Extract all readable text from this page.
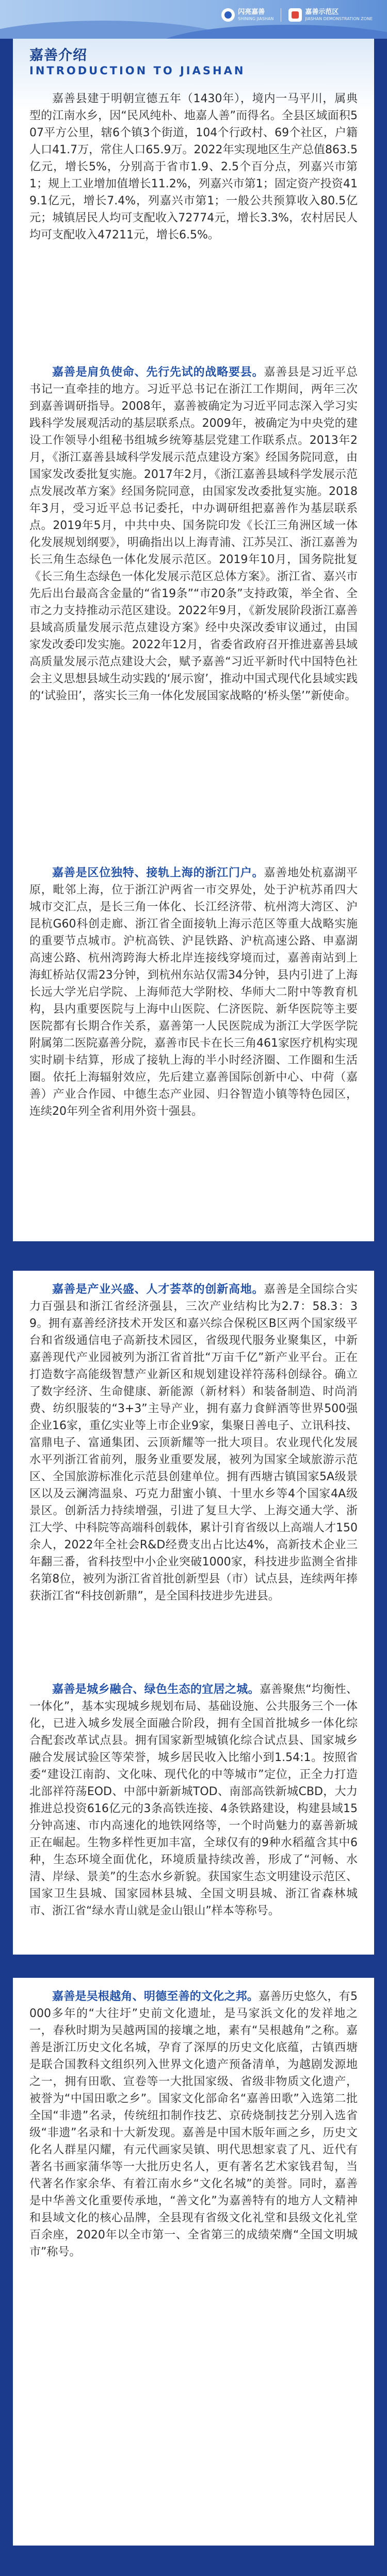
闪亮嘉善
SHINING JIASHAN
嘉善示范区
JIASHAN DEMONSTRATION ZONE
嘉善介绍
INTRODUCTION TO JIASHAN

嘉善县建于明朝宣德五年（1430年），境内一马平川，属典型的江南水乡，因“民风纯朴、地嘉人善”而得名。全县区域面积507平方公里，辖6个镇3个街道，104个行政村、69个社区，户籍人口41.7万，常住人口65.9万。2022年实现地区生产总值863.5亿元，增长5%，分别高于省市1.9、2.5个百分点，列嘉兴市第1；规上工业增加值增长11.2%，列嘉兴市第1；固定资产投资419.1亿元，增长7.4%，列嘉兴市第1；一般公共预算收入80.5亿元；城镇居民人均可支配收入72774元，增长3.3%，农村居民人均可支配收入47211元，增长6.5%。

嘉善是肩负使命、先行先试的战略要县。嘉善县是习近平总书记一直牵挂的地方。习近平总书记在浙江工作期间，两年三次到嘉善调研指导。2008年，嘉善被确定为习近平同志深入学习实践科学发展观活动的基层联系点。2009年，被确定为中央党的建设工作领导小组秘书组城乡统筹基层党建工作联系点。2013年2月，《浙江嘉善县域科学发展示范点建设方案》经国务院同意，由国家发改委批复实施。2017年2月，《浙江嘉善县域科学发展示范点发展改革方案》经国务院同意，由国家发改委批复实施。2018年3月，受习近平总书记委托，中办调研组把嘉善作为基层联系点。2019年5月，中共中央、国务院印发《长江三角洲区域一体化发展规划纲要》，明确指出以上海青浦、江苏吴江、浙江嘉善为长三角生态绿色一体化发展示范区。2019年10月，国务院批复《长三角生态绿色一体化发展示范区总体方案》。浙江省、嘉兴市先后出台最高含金量的“省19条”“市20条”支持政策，举全省、全市之力支持推动示范区建设。2022年9月，《新发展阶段浙江嘉善县域高质量发展示范点建设方案》经中央深改委审议通过，由国家发改委印发实施。2022年12月，省委省政府召开推进嘉善县域高质量发展示范点建设大会，赋予嘉善“习近平新时代中国特色社会主义思想县域生动实践的‘展示窗’，推动中国式现代化县域实践的‘试验田’，落实长三角一体化发展国家战略的‘桥头堡’”新使命。

嘉善是区位独特、接轨上海的浙江门户。嘉善地处杭嘉湖平原，毗邻上海，位于浙江沪两省一市交界处，处于沪杭苏甬四大城市交汇点，是长三角一体化、长江经济带、杭州湾大湾区、沪昆杭G60科创走廊、浙江省全面接轨上海示范区等重大战略实施的重要节点城市。沪杭高铁、沪昆铁路、沪杭高速公路、申嘉湖高速公路、杭州湾跨海大桥北岸连接线穿境而过，嘉善南站到上海虹桥站仅需23分钟，到杭州东站仅需34分钟，县内引进了上海长远大学光启学院、上海师范大学附校、华师大二附中等教育机构，县内重要医院与上海中山医院、仁济医院、新华医院等主要医院都有长期合作关系，嘉善第一人民医院成为浙江大学医学院附属第二医院嘉善分院，嘉善市民卡在长三角461家医疗机构实现实时刷卡结算，形成了接轨上海的半小时经济圈、工作圈和生活圈。依托上海辐射效应，先后建立嘉善国际创新中心、中荷（嘉善）产业合作园、中德生态产业园、归谷智造小镇等特色园区，连续20年列全省利用外资十强县。

嘉善是产业兴盛、人才荟萃的创新高地。嘉善是全国综合实力百强县和浙江省经济强县，三次产业结构比为2.7：58.3：39。拥有嘉善经济技术开发区和嘉兴综合保税区B区两个国家级平台和省级通信电子高新技术园区，省级现代服务业聚集区，中新嘉善现代产业园被列为浙江省首批“万亩千亿”新产业平台。正在打造数字高能级智慧产业新区和规划建设祥符荡科创绿谷。确立了数字经济、生命健康、新能源（新材料）和装备制造、时尚消费、纺织服装的“3+3”主导产业，拥有嘉力食鲜酒等世界500强企业16家，重亿实业等上市企业9家，集聚日善电子、立讯科技、富鼎电子、富通集团、云顶新耀等一批大项目。农业现代化发展水平列浙江省前列，服务业重要发展，被列为国家全域旅游示范区、全国旅游标准化示范县创建单位。拥有西塘古镇国家5A级景区以及云澜湾温泉、巧克力甜蜜小镇、十里水乡等4个国家4A级景区。创新活力持续增强，引进了复旦大学、上海交通大学、浙江大学、中科院等高端科创载体，累计引育省级以上高端人才150余人，2022年全社会R&D经费支出占比达4%，高新技术企业三年翻三番，省科技型中小企业突破1000家，科技进步监测全省排名第8位，被列为浙江省首批创新型县（市）试点县，连续两年捧获浙江省“科技创新鼎”，是全国科技进步先进县。

嘉善是城乡融合、绿色生态的宜居之城。嘉善聚焦“均衡性、一体化”，基本实现城乡规划布局、基础设施、公共服务三个一体化，已进入城乡发展全面融合阶段，拥有全国首批城乡一体化综合配套改革试点县。拥有国家新型城镇化综合试点县、国家城乡融合发展试验区等荣誉，城乡居民收入比缩小到1.54:1。按照省委“建设江南韵、文化味、现代化的中等城市”定位，正全力打造北部祥符荡EOD、中部中新新城TOD、南部高铁新城CBD，大力推进总投资616亿元的3条高铁连接、4条铁路建设，构建县域15分钟高速、市内高速化的地铁网络等，一个时尚魅力的嘉善新城正在崛起。生物多样性更加丰富，全球仅有的9种水稻蕴含其中6种，生态环境全面优化，环境质量持续改善，形成了“河畅、水清、岸绿、景美”的生态水乡新貌。获国家生态文明建设示范区、国家卫生县城、国家园林县城、全国文明县城、浙江省森林城市、浙江省“绿水青山就是金山银山”样本等称号。

嘉善是吴根越角、明德至善的文化之邦。嘉善历史悠久，有5000多年的“大往圩”史前文化遗址，是马家浜文化的发祥地之一，春秋时期为吴越两国的接壤之地，素有“吴根越角”之称。嘉善是浙江历史文化名城，孕育了深厚的历史文化底蕴，古镇西塘是联合国教科文组织列入世界文化遗产预备清单，为越剧发源地之一，拥有田歌、宣卷等一大批国家级、省级非物质文化遗产，被誉为“中国田歌之乡”。国家文化部命名“嘉善田歌”入选第二批全国“非遗”名录，传统纽扣制作技艺、京砖烧制技艺分别入选省级“非遗”名录和十大新发现。嘉善是中国木版年画之乡，历史文化名人群星闪耀，有元代画家吴镇、明代思想家袁了凡、近代有著名书画家蒲华等一大批历史名人，更有著名艺术家钱君匋，当代著名作家余华、有着江南水乡“文化名城”的美誉。同时，嘉善是中华善文化重要传承地，“善文化”为嘉善特有的地方人文精神和县域文化的核心品牌，全县现有省级文化礼堂和县级文化礼堂百余座，2020年以全市第一、全省第三的成绩荣膺“全国文明城市”称号。
